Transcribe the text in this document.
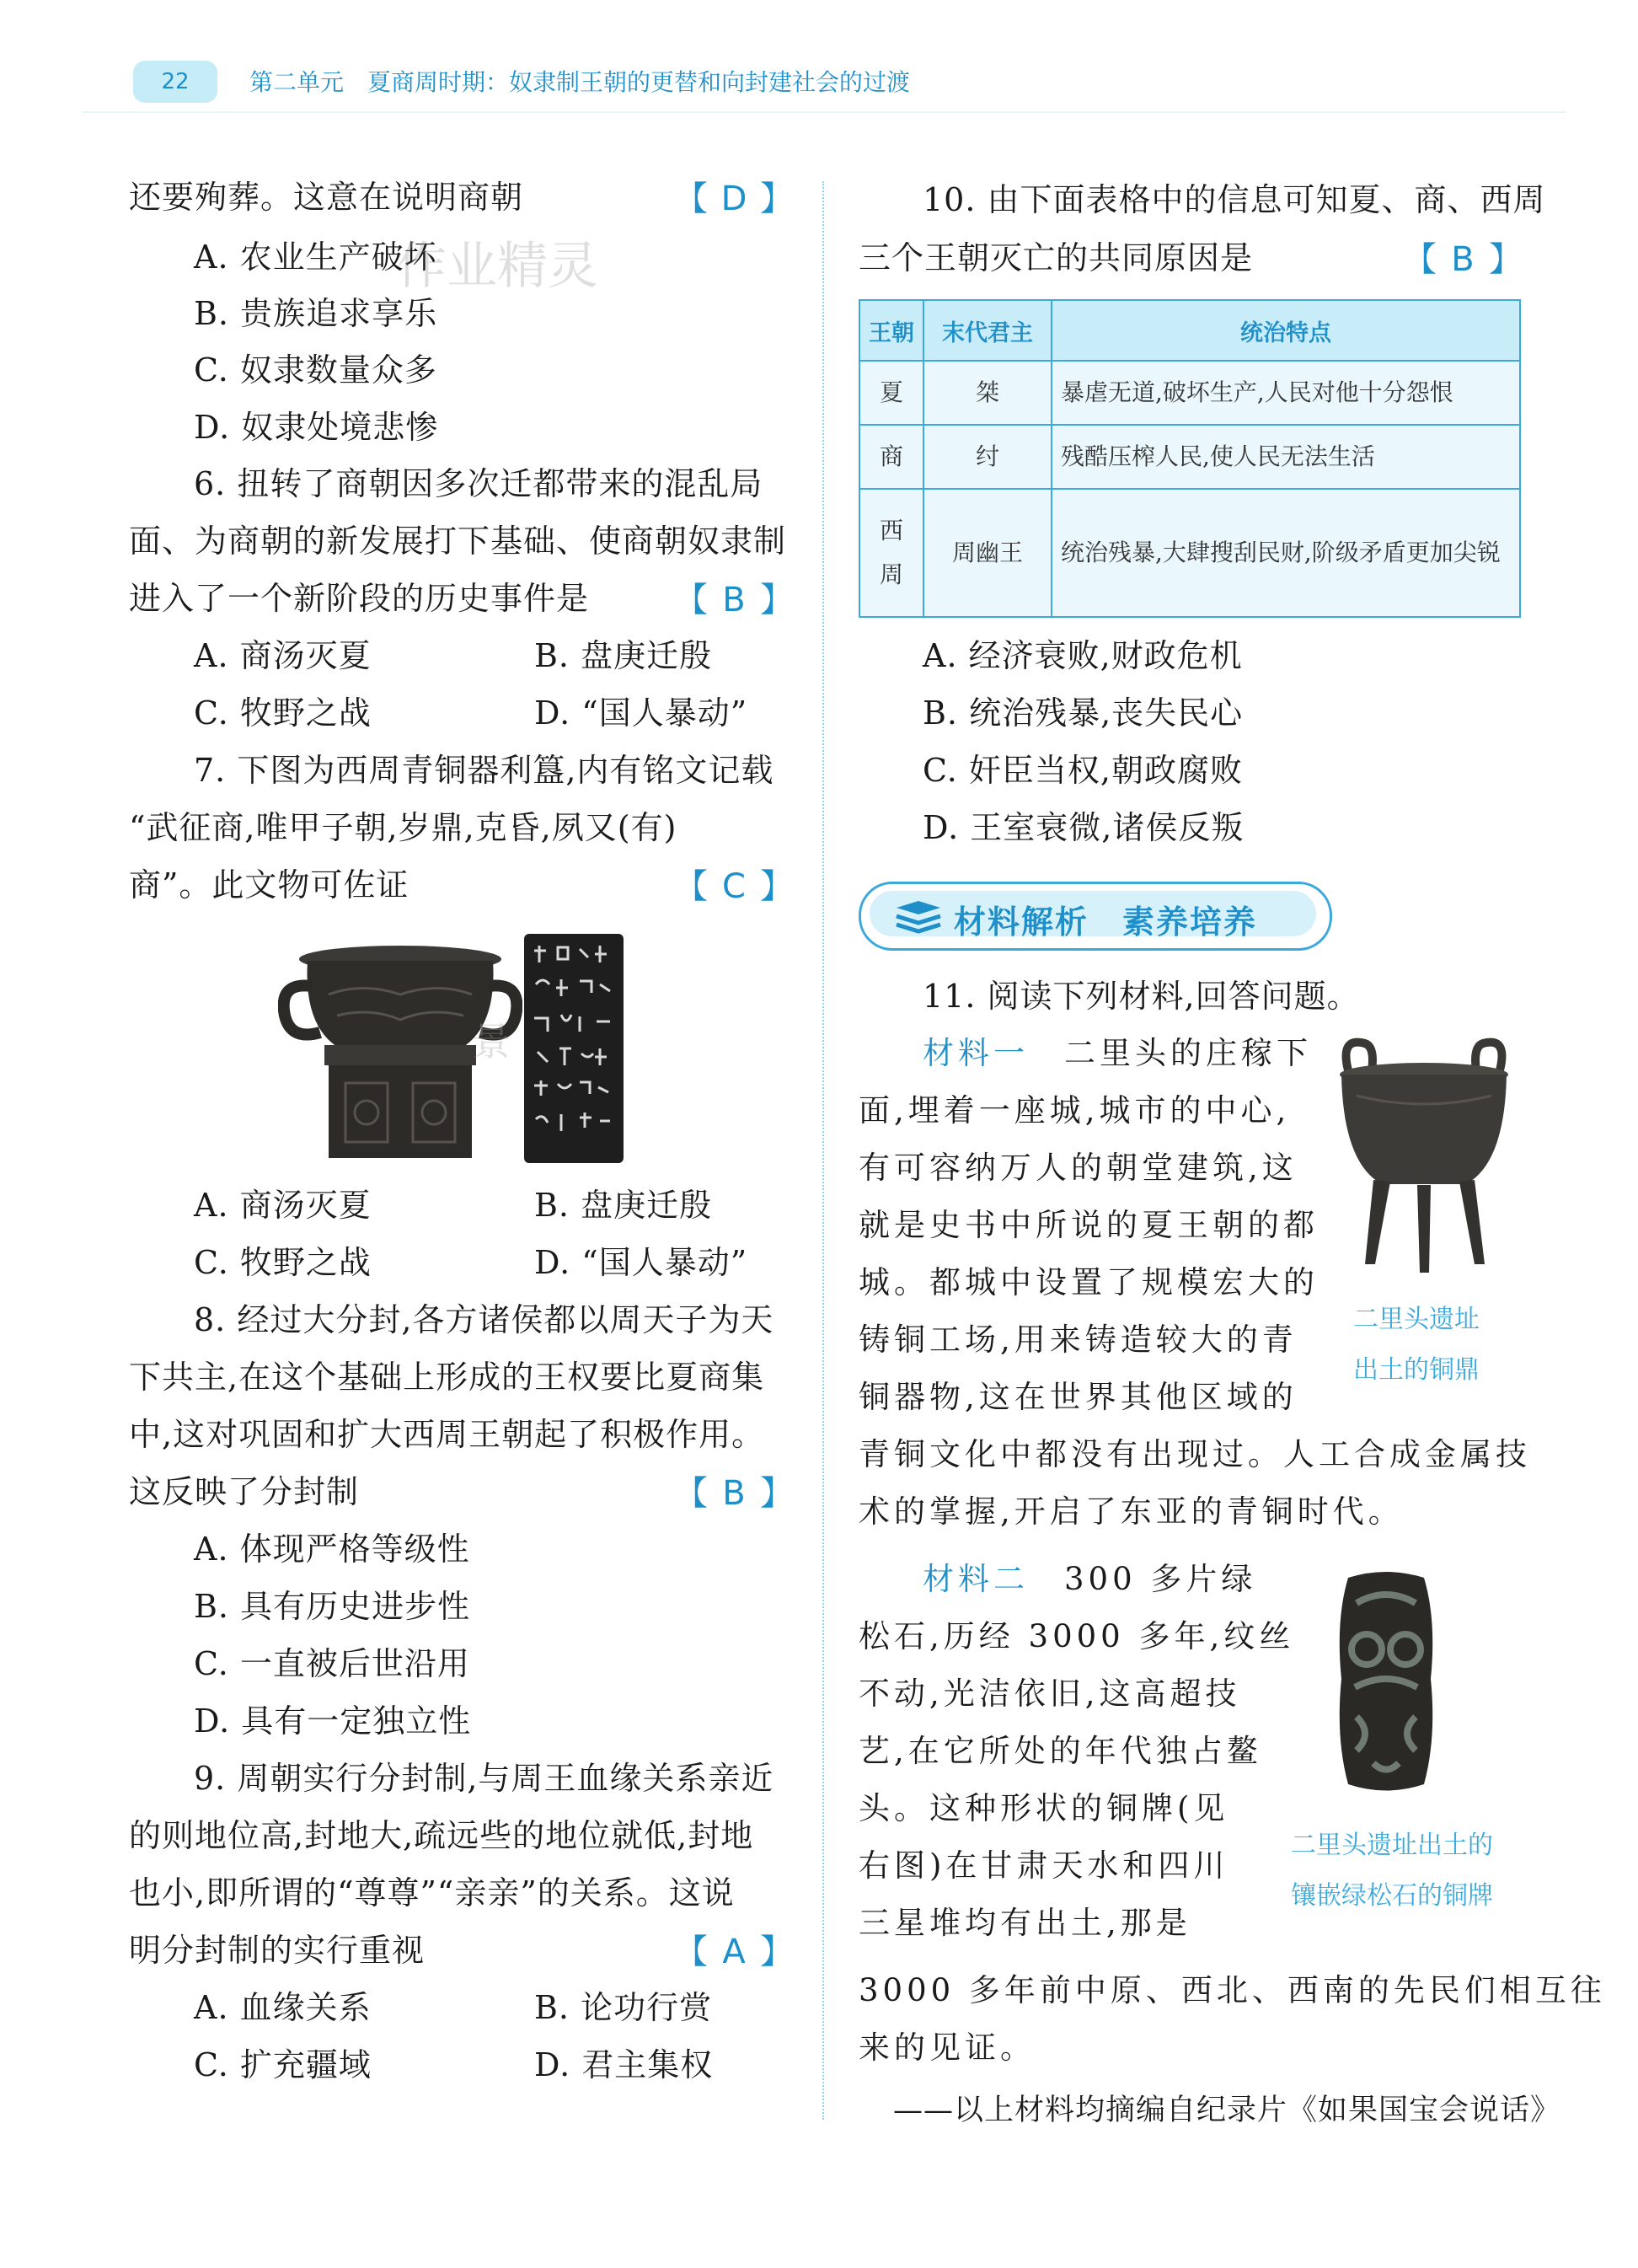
22	第二单元　夏商周时期：奴隶制王朝的更替和向封建社会的过渡
还要殉葬。这意在说明商朝	【 D 】
A. 农业生产破坏
作业精灵
B. 贵族追求享乐
C. 奴隶数量众多
D. 奴隶处境悲惨
6. 扭转了商朝因多次迁都带来的混乱局
面、为商朝的新发展打下基础、使商朝奴隶制
进入了一个新阶段的历史事件是	【 B 】
A. 商汤灭夏	B. 盘庚迁殷
C. 牧野之战	D. “国人暴动”
7. 下图为西周青铜器利簋,内有铭文记载
“武征商,唯甲子朝,岁鼎,克昏,夙又(有)
商”。此文物可佐证	【 C 】
景
A. 商汤灭夏	B. 盘庚迁殷
C. 牧野之战	D. “国人暴动”
8. 经过大分封,各方诸侯都以周天子为天
下共主,在这个基础上形成的王权要比夏商集
中,这对巩固和扩大西周王朝起了积极作用。
这反映了分封制	【 B 】
A. 体现严格等级性
B. 具有历史进步性
C. 一直被后世沿用
D. 具有一定独立性
9. 周朝实行分封制,与周王血缘关系亲近
的则地位高,封地大,疏远些的地位就低,封地
也小,即所谓的“尊尊”“亲亲”的关系。这说
明分封制的实行重视	【 A 】
A. 血缘关系	B. 论功行赏
C. 扩充疆域	D. 君主集权
10. 由下面表格中的信息可知夏、商、西周
三个王朝灭亡的共同原因是	【 B 】
王朝	末代君主	统治特点
夏	桀	暴虐无道,破坏生产,人民对他十分怨恨
商	纣	残酷压榨人民,使人民无法生活
西周	周幽王	统治残暴,大肆搜刮民财,阶级矛盾更加尖锐
A. 经济衰败,财政危机
B. 统治残暴,丧失民心
C. 奸臣当权,朝政腐败
D. 王室衰微,诸侯反叛
材料解析　素养培养
11. 阅读下列材料,回答问题。
材料一　 二里头的庄稼下
面,埋着一座城,城市的中心,
有可容纳万人的朝堂建筑,这
就是史书中所说的夏王朝的都
城。都城中设置了规模宏大的
铸铜工场,用来铸造较大的青
铜器物,这在世界其他区域的
青铜文化中都没有出现过。人工合成金属技
术的掌握,开启了东亚的青铜时代。
二里头遗址
出土的铜鼎
材料二　 300 多片绿
松石,历经 3000 多年,纹丝
不动,光洁依旧,这高超技
艺,在它所处的年代独占鳌
头。这种形状的铜牌(见
右图)在甘肃天水和四川
三星堆均有出土,那是
3000 多年前中原、西北、西南的先民们相互往
来的见证。
二里头遗址出土的
镶嵌绿松石的铜牌
——以上材料均摘编自纪录片《如果国宝会说话》
